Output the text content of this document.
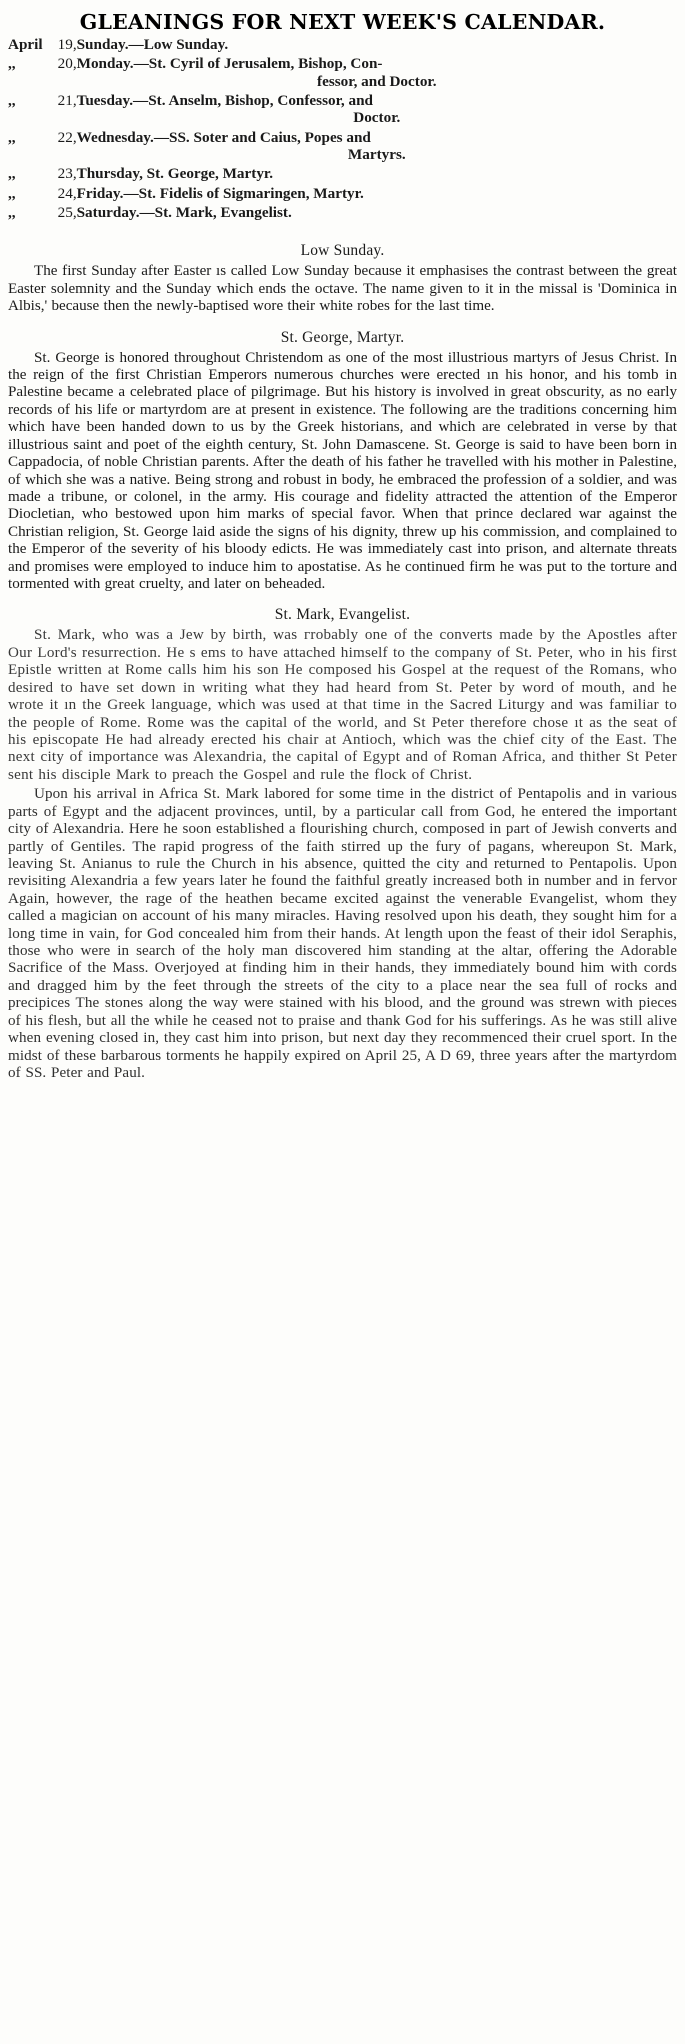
GLEANINGS FOR NEXT WEEK'S CALENDAR.
April	19,	Sunday.—Low Sunday.
,,	20,	Monday.—St. Cyril of Jerusalem, Bishop, Con-
fessor, and Doctor.

,,	21,	Tuesday.—St. Anselm, Bishop, Confessor, and
Doctor.

,,	22,	Wednesday.—SS. Soter and Caius, Popes and
Martyrs.

,,	23,	Thursday, St. George, Martyr.
,,	24,	Friday.—St. Fidelis of Sigmaringen, Martyr.
,,	25,	Saturday.—St. Mark, Evangelist.
Low Sunday.

The first Sunday after Easter ıs called Low Sunday because it emphasises the contrast between the great Easter solemnity and the Sunday which ends the octave. The name given to it in the missal is 'Dominica in Albis,' because then the newly-baptised wore their white robes for the last time.

St. George, Martyr.

St. George is honored throughout Christendom as one of the most illustrious martyrs of Jesus Christ. In the reign of the first Christian Emperors numerous churches were erected ın his honor, and his tomb in Palestine became a celebrated place of pilgrimage. But his history is involved in great obscurity, as no early records of his life or martyrdom are at present in existence. The following are the traditions concerning him which have been handed down to us by the Greek historians, and which are celebrated in verse by that illustrious saint and poet of the eighth century, St. John Damascene. St. George is said to have been born in Cappadocia, of noble Christian parents. After the death of his father he travelled with his mother in Palestine, of which she was a native. Being strong and robust in body, he embraced the profession of a soldier, and was made a tribune, or colonel, in the army. His courage and fidelity attracted the attention of the Emperor Diocletian, who bestowed upon him marks of special favor. When that prince declared war against the Christian religion, St. George laid aside the signs of his dignity, threw up his commission, and complained to the Emperor of the severity of his bloody edicts. He was immediately cast into prison, and alternate threats and promises were employed to induce him to apostatise. As he continued firm he was put to the torture and tormented with great cruelty, and later on beheaded.

St. Mark, Evangelist.

St. Mark, who was a Jew by birth, was гrobably one of the converts made by the Apostles after Our Lord's resurrection. He s ems to have attached himself to the company of St. Peter, who in his first Epistle written at Rome calls him his son He composed his Gospel at the request of the Romans, who desired to have set down in writing what they had heard from St. Peter by word of mouth, and he wrote it ın the Greek language, which was used at that time in the Sacred Liturgy and was familiar to the people of Rome. Rome was the capital of the world, and St Peter therefore chose ıt as the seat of his episcopate He had already erected his chair at Antioch, which was the chief city of the East. The next city of importance was Alexandria, the capital of Egypt and of Roman Africa, and thither St Peter sent his disciple Mark to preach the Gospel and rule the flock of Christ.

Upon his arrival in Africa St. Mark labored for some time in the district of Pentapolis and in various parts of Egypt and the adjacent provinces, until, by a particular call from God, he entered the important city of Alexandria. Here he soon established a flourishing church, composed in part of Jewish converts and partly of Gentiles. The rapid progress of the faith stirred up the fury of pagans, whereupon St. Mark, leaving St. Anianus to rule the Church in his absence, quitted the city and returned to Pentapolis. Upon revisiting Alexandria a few years later he found the faithful greatly increased both in number and in fervor Again, however, the rage of the heathen became excited against the venerable Evangelist, whom they called a magician on account of his many miracles. Having resolved upon his death, they sought him for a long time in vain, for God concealed him from their hands. At length upon the feast of their idol Seraphis, those who were in search of the holy man discovered him standing at the altar, offering the Adorable Sacrifice of the Mass. Overjoyed at finding him in their hands, they immediately bound him with cords and dragged him by the feet through the streets of the city to a place near the sea full of rocks and precipices The stones along the way were stained with his blood, and the ground was strewn with pieces of his flesh, but all the while he ceased not to praise and thank God for his sufferings. As he was still alive when evening closed in, they cast him into prison, but next day they recommenced their cruel sport. In the midst of these barbarous torments he happily expired on April 25, A D 69, three years after the martyrdom of SS. Peter and Paul.
